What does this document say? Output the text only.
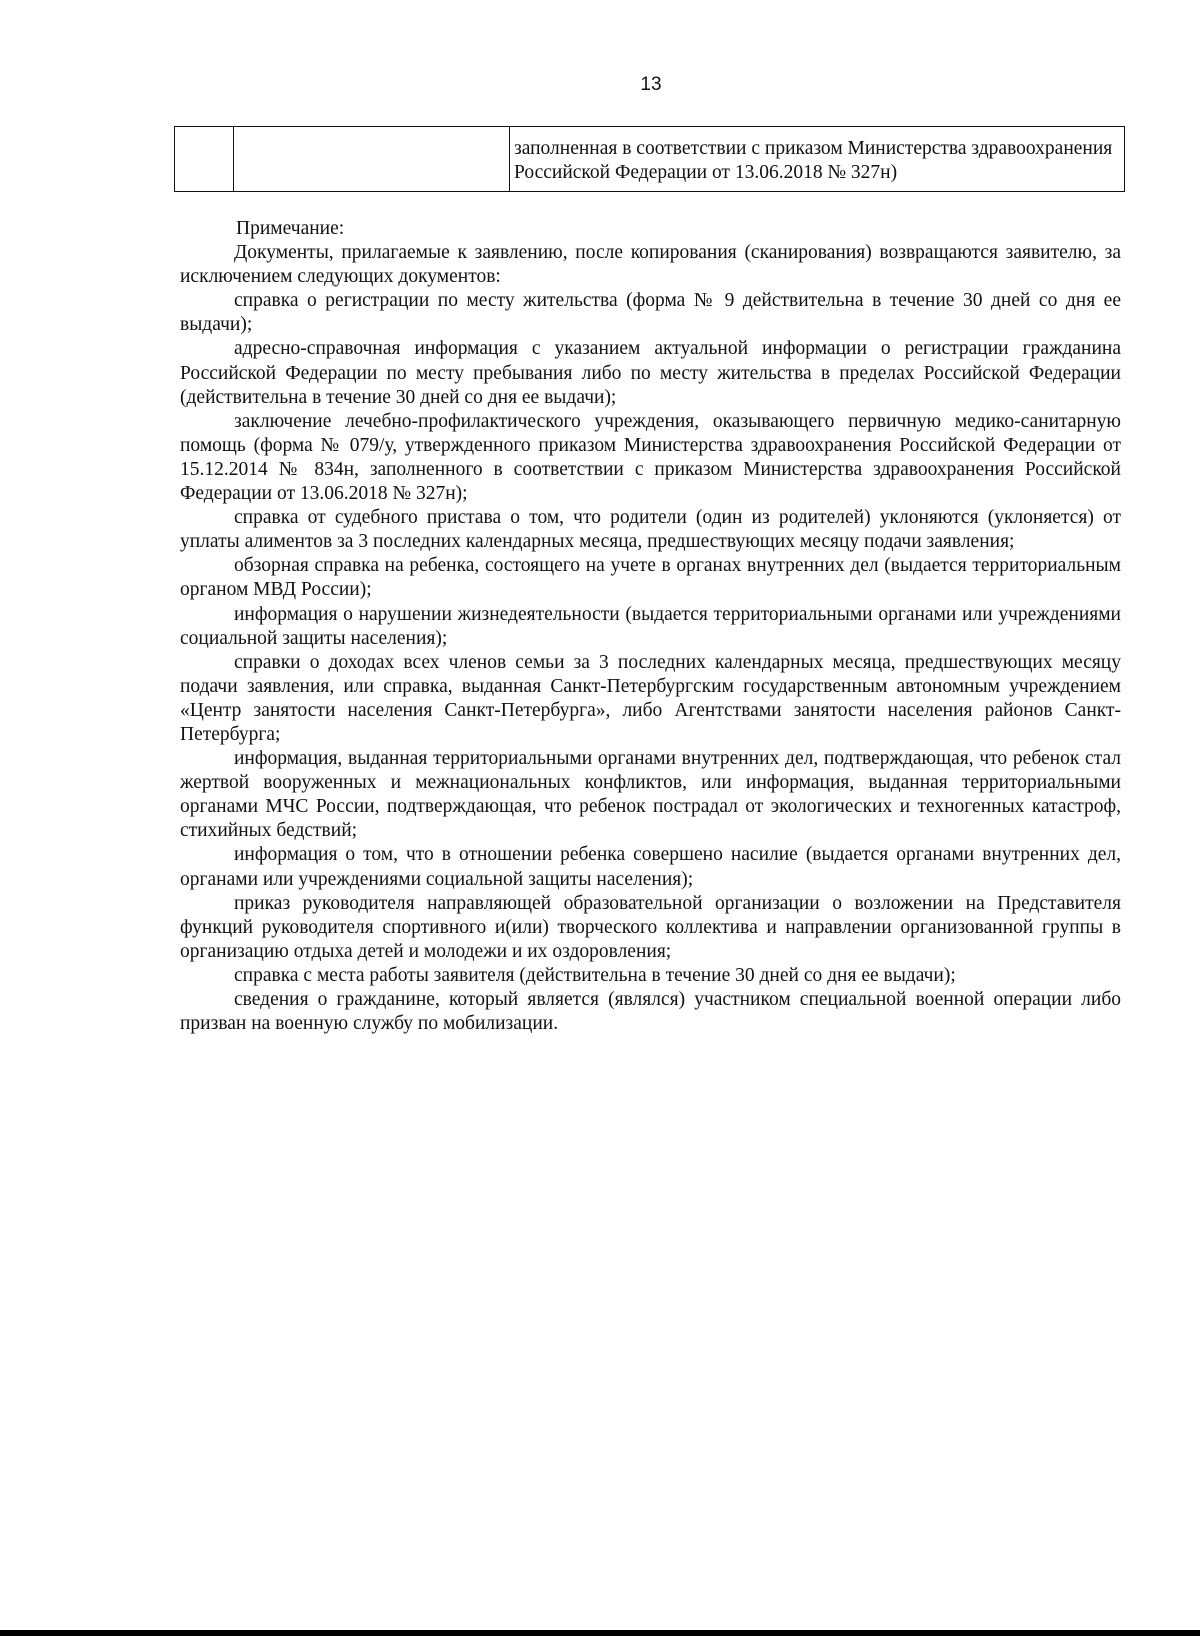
13
		заполненная в соответствии с приказом Министерства здравоохранения Российской Федерации от 13.06.2018 № 327н)

Примечание:

Документы, прилагаемые к заявлению, после копирования (сканирования) возвращаются заявителю, за исключением следующих документов:

справка о регистрации по месту жительства (форма № 9 действительна в течение 30 дней со дня ее выдачи);

адресно-справочная информация с указанием актуальной информации о регистрации гражданина Российской Федерации по месту пребывания либо по месту жительства в пределах Российской Федерации (действительна в течение 30 дней со дня ее выдачи);

заключение лечебно-профилактического учреждения, оказывающего первичную медико-санитарную помощь (форма № 079/у, утвержденного приказом Министерства здравоохранения Российской Федерации от 15.12.2014 № 834н, заполненного в соответствии с приказом Министерства здравоохранения Российской Федерации от 13.06.2018 № 327н);

справка от судебного пристава о том, что родители (один из родителей) уклоняются (уклоняется) от уплаты алиментов за 3 последних календарных месяца, предшествующих месяцу подачи заявления;

обзорная справка на ребенка, состоящего на учете в органах внутренних дел (выдается территориальным органом МВД России);

информация о нарушении жизнедеятельности (выдается территориальными органами или учреждениями социальной защиты населения);

справки о доходах всех членов семьи за 3 последних календарных месяца, предшествующих месяцу подачи заявления, или справка, выданная Санкт-Петербургским государственным автономным учреждением «Центр занятости населения Санкт-Петербурга», либо Агентствами занятости населения районов Санкт-Петербурга;

информация, выданная территориальными органами внутренних дел, подтверждающая, что ребенок стал жертвой вооруженных и межнациональных конфликтов, или информация, выданная территориальными органами МЧС России, подтверждающая, что ребенок пострадал от экологических и техногенных катастроф, стихийных бедствий;

информация о том, что в отношении ребенка совершено насилие (выдается органами внутренних дел, органами или учреждениями социальной защиты населения);

приказ руководителя направляющей образовательной организации о возложении на Представителя функций руководителя спортивного и(или) творческого коллектива и направлении организованной группы в организацию отдыха детей и молодежи и их оздоровления;

справка с места работы заявителя (действительна в течение 30 дней со дня ее выдачи);

сведения о гражданине, который является (являлся) участником специальной военной операции либо призван на военную службу по мобилизации.
